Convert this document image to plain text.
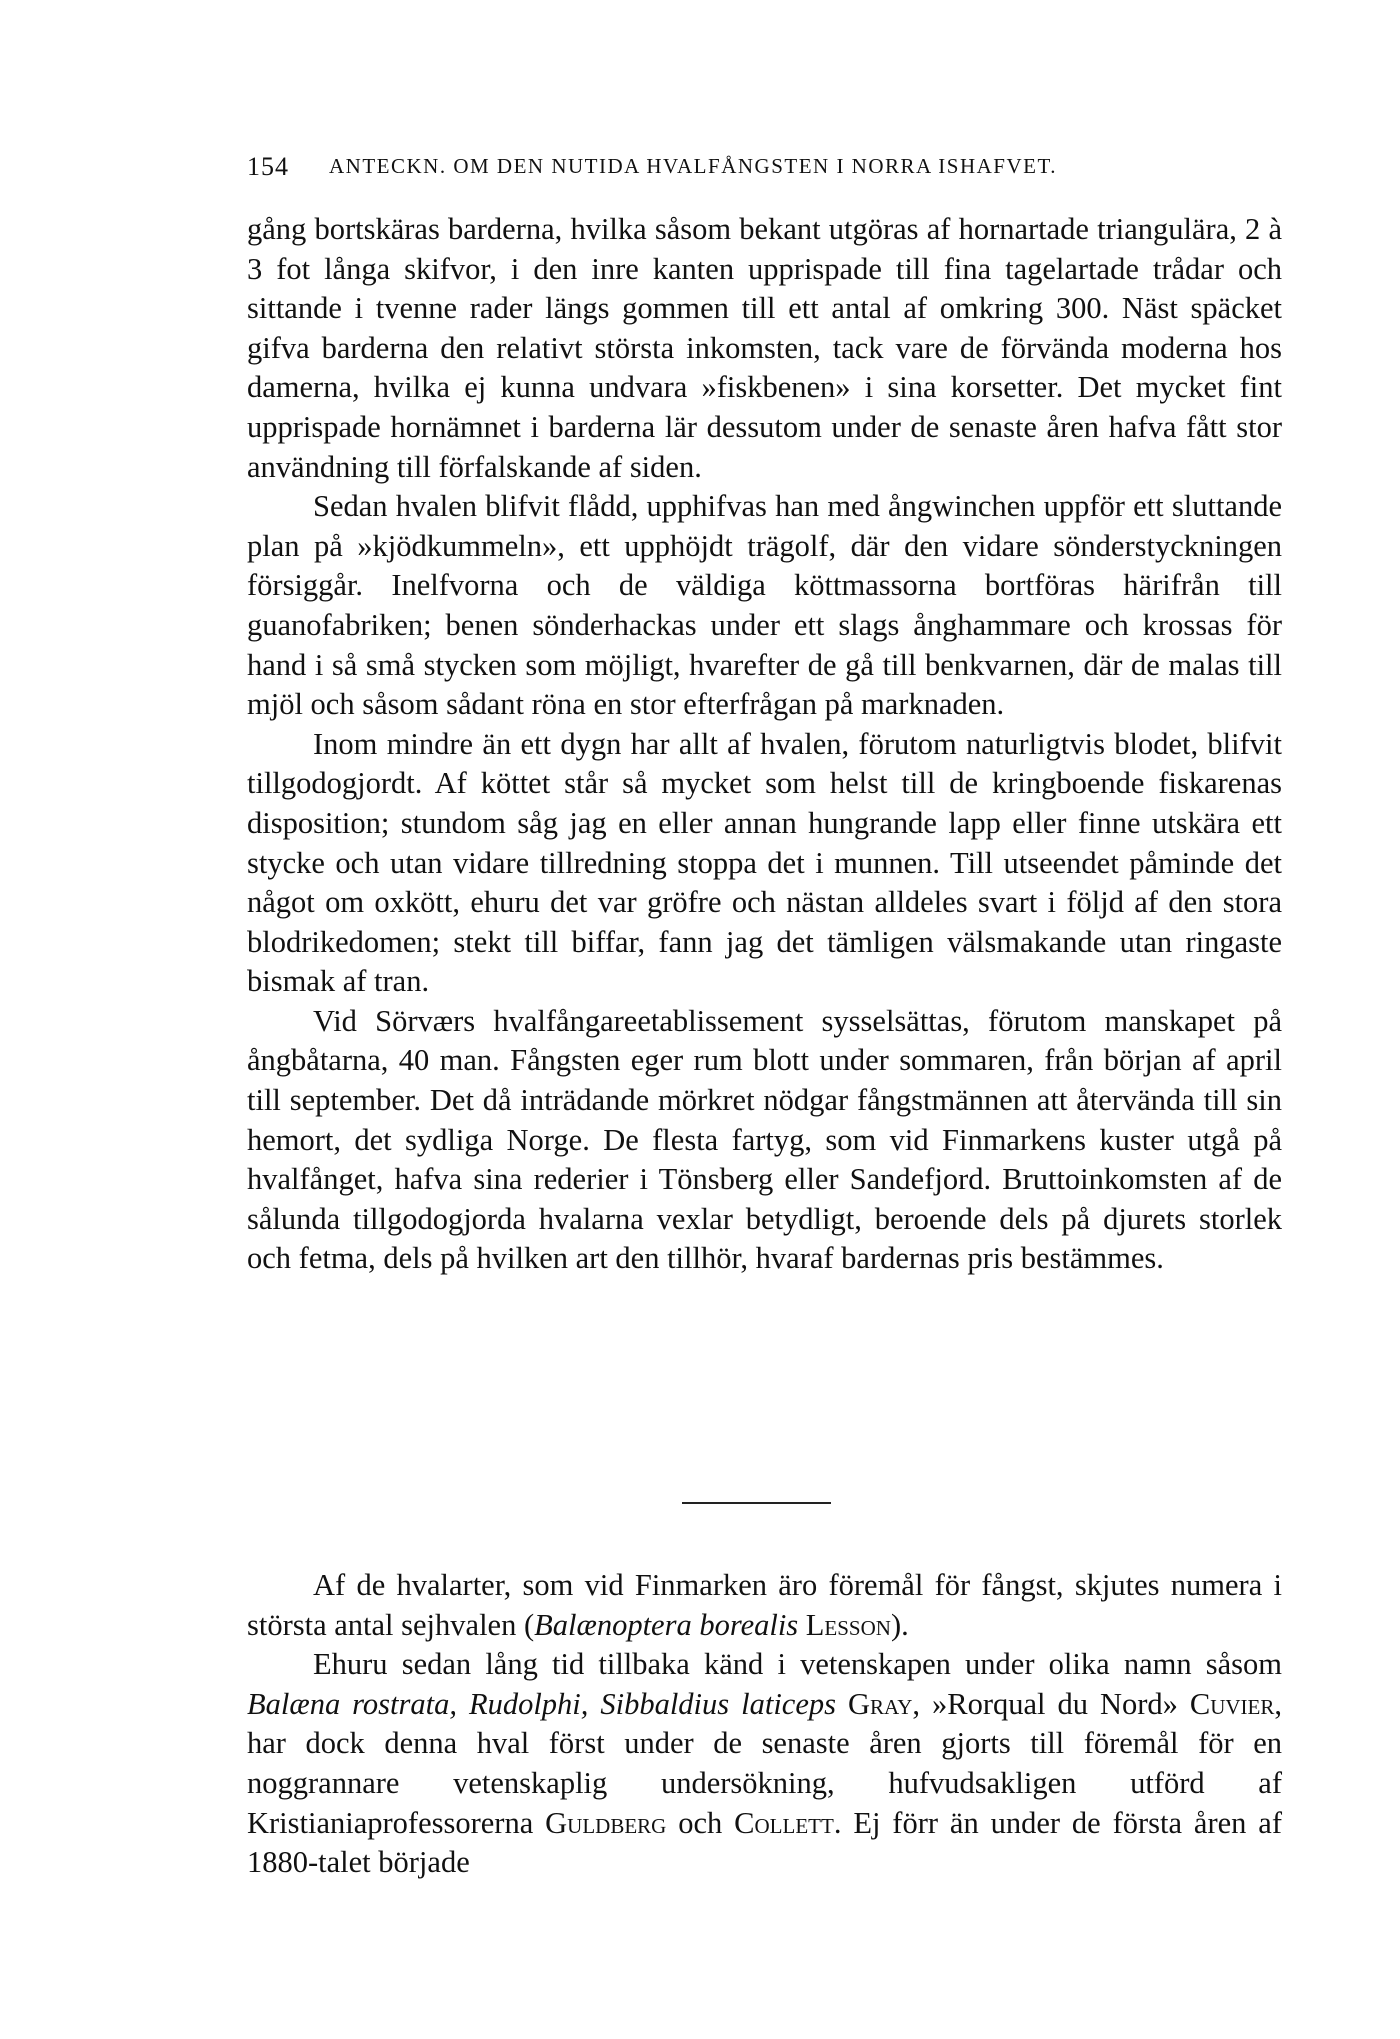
154 ANTECKN. OM DEN NUTIDA HVALFÅNGSTEN I NORRA ISHAFVET.

gång bortskäras barderna, hvilka såsom bekant utgöras af hornartade triangulära, 2 à 3 fot långa skifvor, i den inre kanten upprispade till fina tagelartade trådar och sittande i tvenne rader längs gommen till ett antal af omkring 300. Näst späcket gifva barderna den relativt största inkomsten, tack vare de förvända moderna hos damerna, hvilka ej kunna undvara »fiskbenen» i sina korsetter. Det mycket fint upprispade hornämnet i barderna lär dessutom under de senaste åren hafva fått stor användning till förfalskande af siden.

Sedan hvalen blifvit flådd, upphifvas han med ångwinchen uppför ett sluttande plan på »kjödkummeln», ett upphöjdt trägolf, där den vidare sönderstyckningen försiggår. Inelfvorna och de väldiga köttmassorna bortföras härifrån till guanofabriken; benen sönderhackas under ett slags ånghammare och krossas för hand i så små stycken som möjligt, hvarefter de gå till benkvarnen, där de malas till mjöl och såsom sådant röna en stor efterfrågan på marknaden.

Inom mindre än ett dygn har allt af hvalen, förutom naturligtvis blodet, blifvit tillgodogjordt. Af köttet står så mycket som helst till de kringboende fiskarenas disposition; stundom såg jag en eller annan hungrande lapp eller finne utskära ett stycke och utan vidare tillredning stoppa det i munnen. Till utseendet påminde det något om oxkött, ehuru det var gröfre och nästan alldeles svart i följd af den stora blodrikedomen; stekt till biffar, fann jag det tämligen välsmakande utan ringaste bismak af tran.

Vid Sörværs hvalfångareetablissement sysselsättas, förutom manskapet på ångbåtarna, 40 man. Fångsten eger rum blott under sommaren, från början af april till september. Det då inträdande mörkret nödgar fångstmännen att återvända till sin hemort, det sydliga Norge. De flesta fartyg, som vid Finmarkens kuster utgå på hvalfånget, hafva sina rederier i Tönsberg eller Sandefjord. Bruttoinkomsten af de sålunda tillgodogjorda hvalarna vexlar betydligt, beroende dels på djurets storlek och fetma, dels på hvilken art den tillhör, hvaraf bardernas pris bestämmes.

Af de hvalarter, som vid Finmarken äro föremål för fångst, skjutes numera i största antal sejhvalen (Balænoptera borealis Lesson).

Ehuru sedan lång tid tillbaka känd i vetenskapen under olika namn såsom Balæna rostrata, Rudolphi, Sibbaldius laticeps Gray, »Rorqual du Nord» Cuvier, har dock denna hval först under de senaste åren gjorts till föremål för en noggrannare vetenskaplig undersökning, hufvudsakligen utförd af Kristianiaprofessorerna Guldberg och Collett. Ej förr än under de första åren af 1880-talet började
